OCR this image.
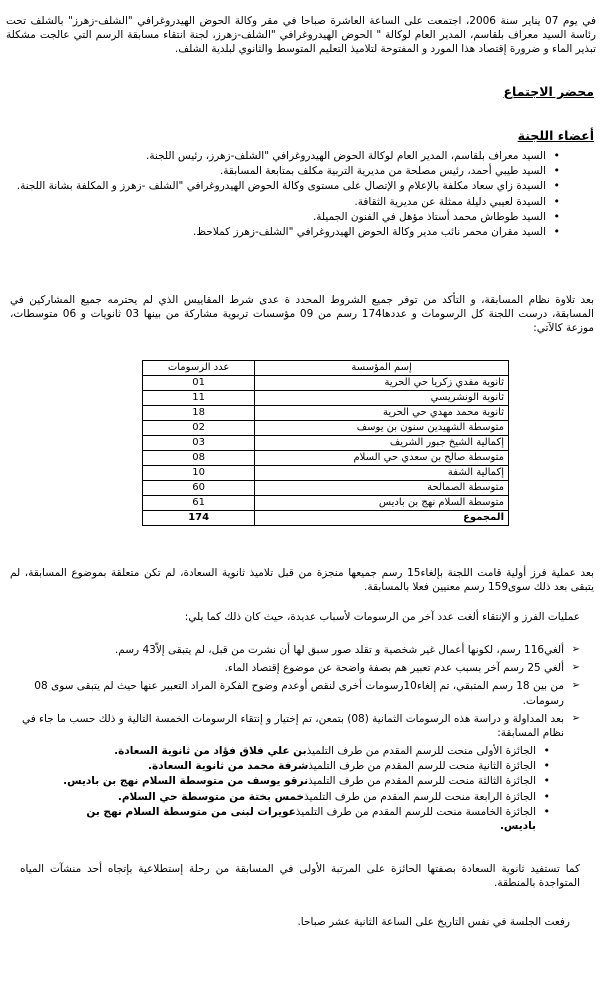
في يوم 07 يناير سنة 2006، اجتمعت على الساعة العاشرة صباحا في مقر وكالة الحوض الهيدروغرافي "الشلف-زهرز" بالشلف تحت رئاسة السيد معراف بلقاسم، المدير العام لوكالة " الحوض الهيدروغرافي "الشلف-زهرز، لجنة انتقاء مسابقة الرسم التي عالجت مشكلة تبذير الماء و ضرورة إقتصاد هذا المورد و المفتوحة لتلاميذ التعليم المتوسط والثانوي لبلدية الشلف.

محضر الاجتماع
أعضاء اللجنة
• السيد معراف بلقاسم، المدير العام لوكالة الحوض الهيدروغرافي "الشلف-زهرز، رئيس اللجنة.
• السيد طيبي أحمد، رئيس مصلحة من مديرية التربية مكلف بمتابعة المسابقة.
• السيدة زاي سعاد مكلفة بالإعلام و الإتصال على مستوى وكالة الحوض الهيدروغرافي "الشلف -زهرز و المكلفة بشانة اللجنة.
• السيدة لعيبي دليلة ممثلة عن مديرية الثقافة.
• السيد طوطاش محمد أستاذ مؤهل في الفنون الجميلة.
• السيد مقران محمر نائب مدير وكالة الحوض الهيدروغرافي "الشلف-زهرز كملاحظ.

بعد تلاوة نظام المسابقة، و التأكد من توفر جميع الشروط المحدد ة عدى شرط المقاييس الذي لم يحترمه جميع المشاركين في المسابقة، درست اللجنة كل الرسومات و عددها174 رسم من 09 مؤسسات تربوية مشاركة من بينها 03 ثانويات و 06 متوسطات، موزعة كالآتي:

إسم المؤسسة	عدد الرسومات
ثانوية مفدي زكريا حي الحرية	01
ثانوية الونشريسي	11
ثانوية محمد مهدي حي الحرية	18
متوسطة الشهيدين سنون بن يوسف	02
إكمالية الشيخ جبور الشريف	03
متوسطة صالح بن سعدي حي السلام	08
إكمالية الشفة	10
متوسطة الصمالحة	60
متوسطة السلام نهج بن باديس	61
المجموع	174

بعد عملية فرز أولية قامت اللجنة بإلغاء15 رسم جميعها منجزة من قبل تلاميذ ثانوية السعادة، لم تكن متعلقة بموضوع المسابقة، لم يتبقى بعد ذلك سوى159 رسم معنيين فعلا بالمسابقة.

عمليات الفرز و الإنتقاء ألغت عدد آخر من الرسومات لأسباب عديدة، حيث كان ذلك كما يلي:

➢ ألغي116 رسم، لكونها أعمال غير شخصية و تقلد صور سبق لها أن نشرت من قبل، لم يتبقى إلاّ43 رسم.
➢ ألغي 25 رسم آخر بسبب عدم تعبير هم بصفة واضحة عن موضوع إقتصاد الماء.
➢ من بين 18 رسم المتبقي، تم إلغاء10رسومات أخرى لنقص أوعدم وضوح الفكرة المراد التعبير عنها حيث لم يتبقى سوى 08 رسومات.
➢ بعد المداولة و دراسة هذه الرسومات الثمانية (08) بتمعن، تم إختيار و إنتقاء الرسومات الخمسة التالية و ذلك حسب ما جاء في نظام المسابقة:
• الجائزة الأولى منحت للرسم المقدم من طرف التلميذبن علي فلاق فؤاد من ثانوية السعادة.
• الجائزة الثانية منحت للرسم المقدم من طرف التلميذشرفة محمد من ثانوية السعادة.
• الجائزة الثالثة منحت للرسم المقدم من طرف التلميذنرقو يوسف من متوسطة السلام نهج بن باديس.
• الجائزة الرابعة منحت للرسم المقدم من طرف التلميذخمس بختة من متوسطة حي السلام.
• الجائزة الخامسة منحت للرسم المقدم من طرف التلميذعويرات لبنى من متوسطة السلام نهج بن باديس.

كما تستفيد ثانوية السعادة بصفتها الحائزة على المرتبة الأولى في المسابقة من رحلة إستطلاعية بإتجاه أحد منشآت المياه المتواجدة بالمنطقة.

رفعت الجلسة في نفس التاريخ على الساعة الثانية عشر صباحا.
